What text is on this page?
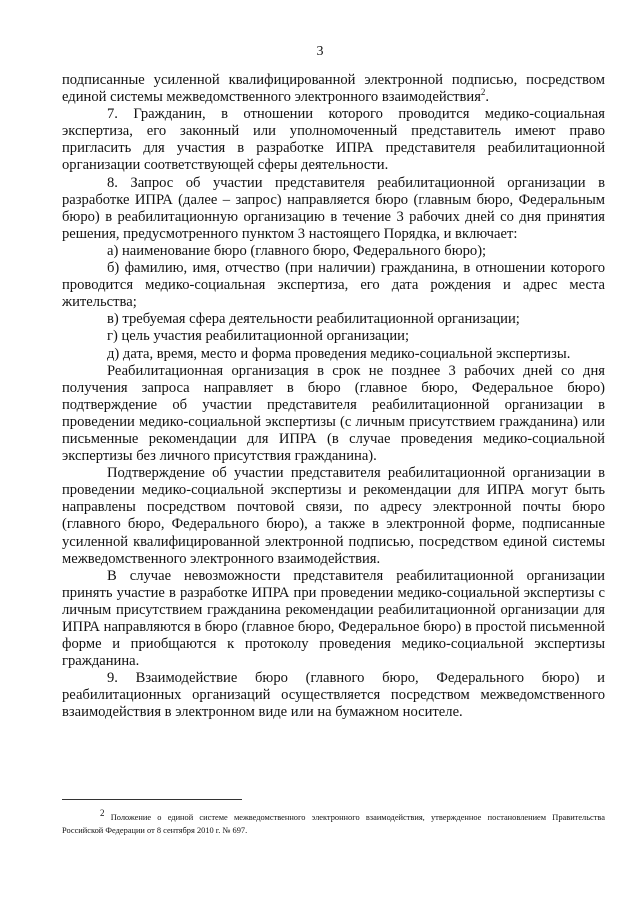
3

подписанные усиленной квалифицированной электронной подписью, посредством единой системы межведомственного электронного взаимодействия$^2$.

7. Гражданин, в отношении которого проводится медико-социальная экспертиза, его законный или уполномоченный представитель имеют право пригласить для участия в разработке ИПРА представителя реабилитационной организации соответствующей сферы деятельности.

8. Запрос об участии представителя реабилитационной организации в разработке ИПРА (далее – запрос) направляется бюро (главным бюро, Федеральным бюро) в реабилитационную организацию в течение 3 рабочих дней со дня принятия решения, предусмотренного пунктом 3 настоящего Порядка, и включает:

а) наименование бюро (главного бюро, Федерального бюро);

б) фамилию, имя, отчество (при наличии) гражданина, в отношении которого проводится медико-социальная экспертиза, его дата рождения и адрес места жительства;

в) требуемая сфера деятельности реабилитационной организации;

г) цель участия реабилитационной организации;

д) дата, время, место и форма проведения медико-социальной экспертизы.

Реабилитационная организация в срок не позднее 3 рабочих дней со дня получения запроса направляет в бюро (главное бюро, Федеральное бюро) подтверждение об участии представителя реабилитационной организации в проведении медико-социальной экспертизы (с личным присутствием гражданина) или письменные рекомендации для ИПРА (в случае проведения медико-социальной экспертизы без личного присутствия гражданина).

Подтверждение об участии представителя реабилитационной организации в проведении медико-социальной экспертизы и рекомендации для ИПРА могут быть направлены посредством почтовой связи, по адресу электронной почты бюро (главного бюро, Федерального бюро), а также в электронной форме, подписанные усиленной квалифицированной электронной подписью, посредством единой системы межведомственного электронного взаимодействия.

В случае невозможности представителя реабилитационной организации принять участие в разработке ИПРА при проведении медико-социальной экспертизы с личным присутствием гражданина рекомендации реабилитационной организации для ИПРА направляются в бюро (главное бюро, Федеральное бюро) в простой письменной форме и приобщаются к протоколу проведения медико-социальной экспертизы гражданина.

9. Взаимодействие бюро (главного бюро, Федерального бюро) и реабилитационных организаций осуществляется посредством межведомственного взаимодействия в электронном виде или на бумажном носителе.

2 Положение о единой системе межведомственного электронного взаимодействия, утвержденное постановлением Правительства Российской Федерации от 8 сентября 2010 г. № 697.
